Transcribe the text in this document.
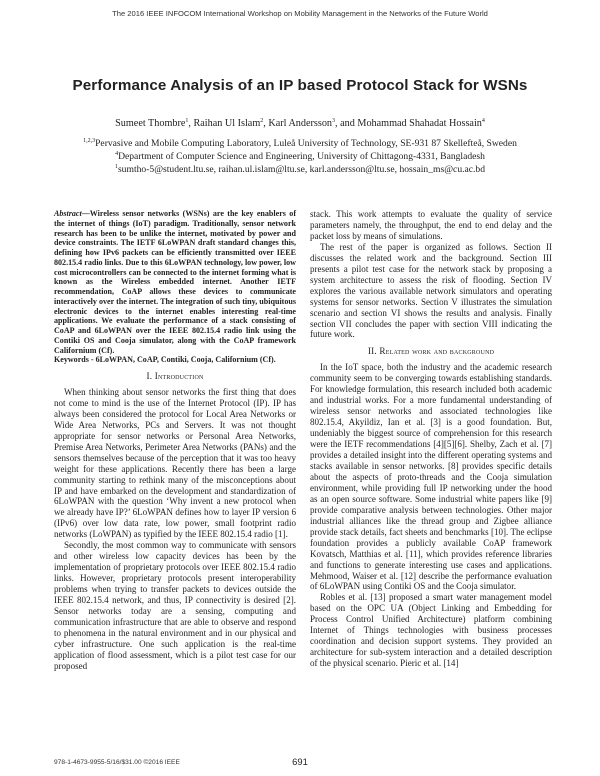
The 2016 IEEE INFOCOM International Workshop on Mobility Management in the Networks of the Future World
Performance Analysis of an IP based Protocol Stack for WSNs
Sumeet Thombre$^1$, Raihan Ul Islam$^2$, Karl Andersson$^3$, and Mohammad Shahadat Hossain$^4$
$^{1,2,3}$Pervasive and Mobile Computing Laboratory, Luleå University of Technology, SE-931 87 Skellefteå, Sweden
$^4$Department of Computer Science and Engineering, University of Chittagong-4331, Bangladesh
$^1$sumtho-5@student.ltu.se, raihan.ul.islam@ltu.se, karl.andersson@ltu.se, hossain_ms@cu.ac.bd
Abstract—Wireless sensor networks (WSNs) are the key enablers of the internet of things (IoT) paradigm. Traditionally, sensor network research has been to be unlike the internet, motivated by power and device constraints. The IETF 6LoWPAN draft standard changes this, defining how IPv6 packets can be efficiently transmitted over IEEE 802.15.4 radio links. Due to this 6LoWPAN technology, low power, low cost microcontrollers can be connected to the internet forming what is known as the Wireless embedded internet. Another IETF recommendation, CoAP allows these devices to communicate interactively over the internet. The integration of such tiny, ubiquitous electronic devices to the internet enables interesting real-time applications. We evaluate the performance of a stack consisting of CoAP and 6LoWPAN over the IEEE 802.15.4 radio link using the Contiki OS and Cooja simulator, along with the CoAP framework Californium (Cf).
Keywords - 6LoWPAN, CoAP, Contiki, Cooja, Californium (Cf).
I. Introduction

When thinking about sensor networks the first thing that does not come to mind is the use of the Internet Protocol (IP). IP has always been considered the protocol for Local Area Networks or Wide Area Networks, PCs and Servers. It was not thought appropriate for sensor networks or Personal Area Networks, Premise Area Networks, Perimeter Area Networks (PANs) and the sensors themselves because of the perception that it was too heavy weight for these applications. Recently there has been a large community starting to rethink many of the misconceptions about IP and have embarked on the development and standardization of 6LoWPAN with the question ‘Why invent a new protocol when we already have IP?’ 6LoWPAN defines how to layer IP version 6 (IPv6) over low data rate, low power, small footprint radio networks (LoWPAN) as typified by the IEEE 802.15.4 radio [1].

Secondly, the most common way to communicate with sensors and other wireless low capacity devices has been by the implementation of proprietary protocols over IEEE 802.15.4 radio links. However, proprietary protocols present interoperability problems when trying to transfer packets to devices outside the IEEE 802.15.4 network, and thus, IP connectivity is desired [2]. Sensor networks today are a sensing, computing and communication infrastructure that are able to observe and respond to phenomena in the natural environment and in our physical and cyber infrastructure. One such application is the real-time application of flood assessment, which is a pilot test case for our proposed

stack. This work attempts to evaluate the quality of service parameters namely, the throughput, the end to end delay and the packet loss by means of simulations.

The rest of the paper is organized as follows. Section II discusses the related work and the background. Section III presents a pilot test case for the network stack by proposing a system architecture to assess the risk of flooding. Section IV explores the various available network simulators and operating systems for sensor networks. Section V illustrates the simulation scenario and section VI shows the results and analysis. Finally section VII concludes the paper with section VIII indicating the future work.

II. Related work and background

In the IoT space, both the industry and the academic research community seem to be converging towards establishing standards. For knowledge formulation, this research included both academic and industrial works. For a more fundamental understanding of wireless sensor networks and associated technologies like 802.15.4, Akyildiz, Ian et al. [3] is a good foundation. But, undeniably the biggest source of comprehension for this research were the IETF recommendations [4][5][6]. Shelby, Zach et al. [7] provides a detailed insight into the different operating systems and stacks available in sensor networks. [8] provides specific details about the aspects of proto-threads and the Cooja simulation environment, while providing full IP networking under the hood as an open source software. Some industrial white papers like [9] provide comparative analysis between technologies. Other major industrial alliances like the thread group and Zigbee alliance provide stack details, fact sheets and benchmarks [10]. The eclipse foundation provides a publicly available CoAP framework Kovatsch, Matthias et al. [11], which provides reference libraries and functions to generate interesting use cases and applications. Mehmood, Waiser et al. [12] describe the performance evaluation of 6LoWPAN using Contiki OS and the Cooja simulator.

Robles et al. [13] proposed a smart water management model based on the OPC UA (Object Linking and Embedding for Process Control Unified Architecture) platform combining Internet of Things technologies with business processes coordination and decision support systems. They provided an architecture for sub-system interaction and a detailed description of the physical scenario. Pieric et al. [14]

978-1-4673-9955-5/16/$31.00 ©2016 IEEE	691
